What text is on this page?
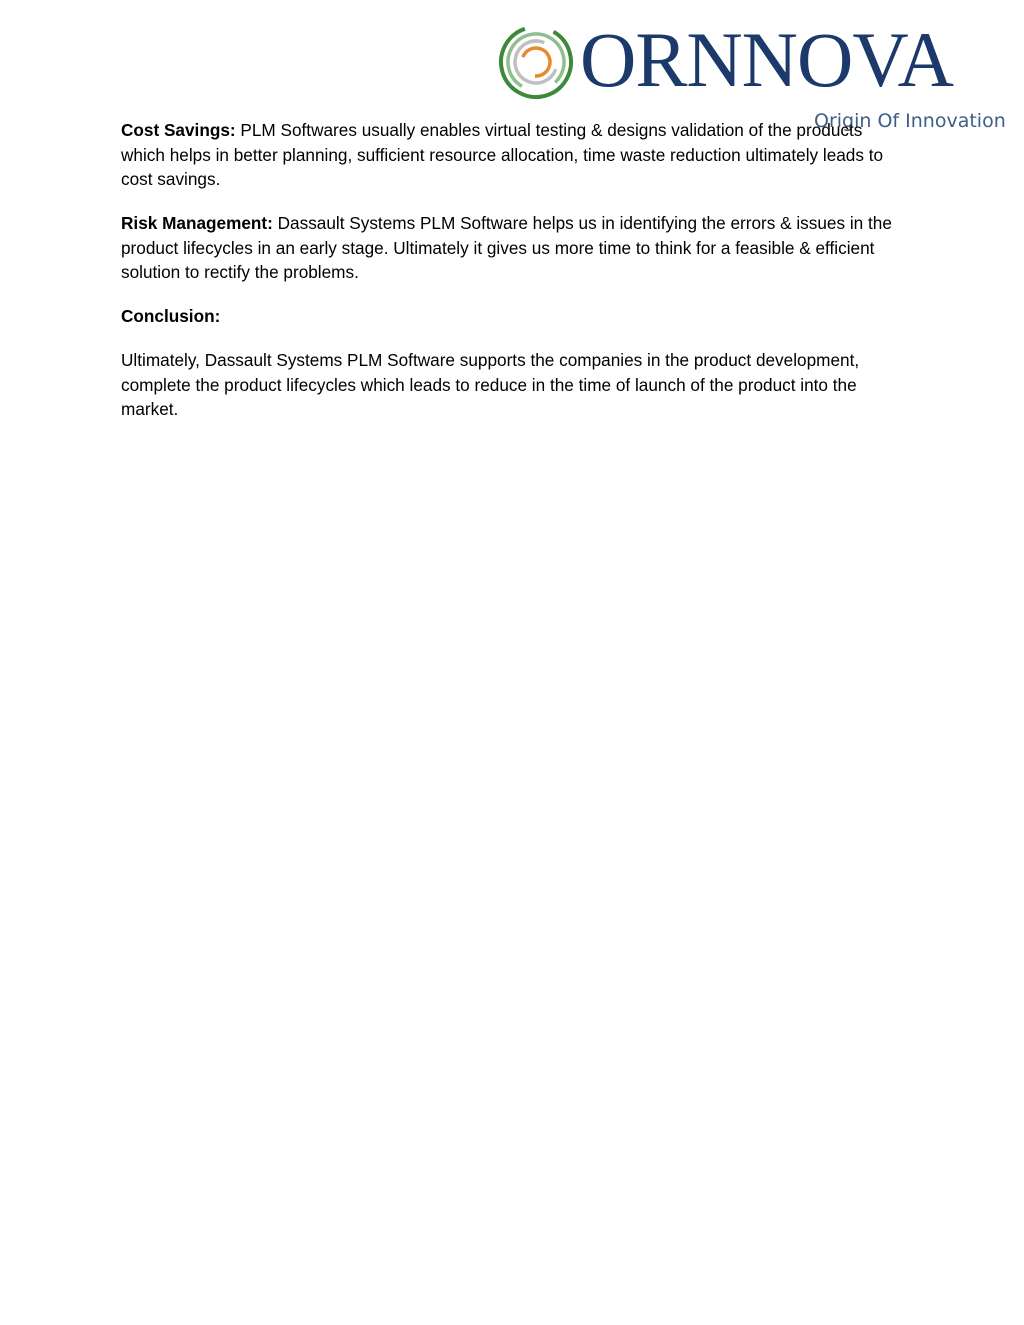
ORNNOVA
Origin Of Innovation

Cost Savings: PLM Softwares usually enables virtual testing & designs validation of the products which helps in better planning, sufficient resource allocation, time waste reduction ultimately leads to cost savings.

Risk Management: Dassault Systems PLM Software helps us in identifying the errors & issues in the product lifecycles in an early stage. Ultimately it gives us more time to think for a feasible & efficient solution to rectify the problems.

Conclusion:

Ultimately, Dassault Systems PLM Software supports the companies in the product development, complete the product lifecycles which leads to reduce in the time of launch of the product into the market.
